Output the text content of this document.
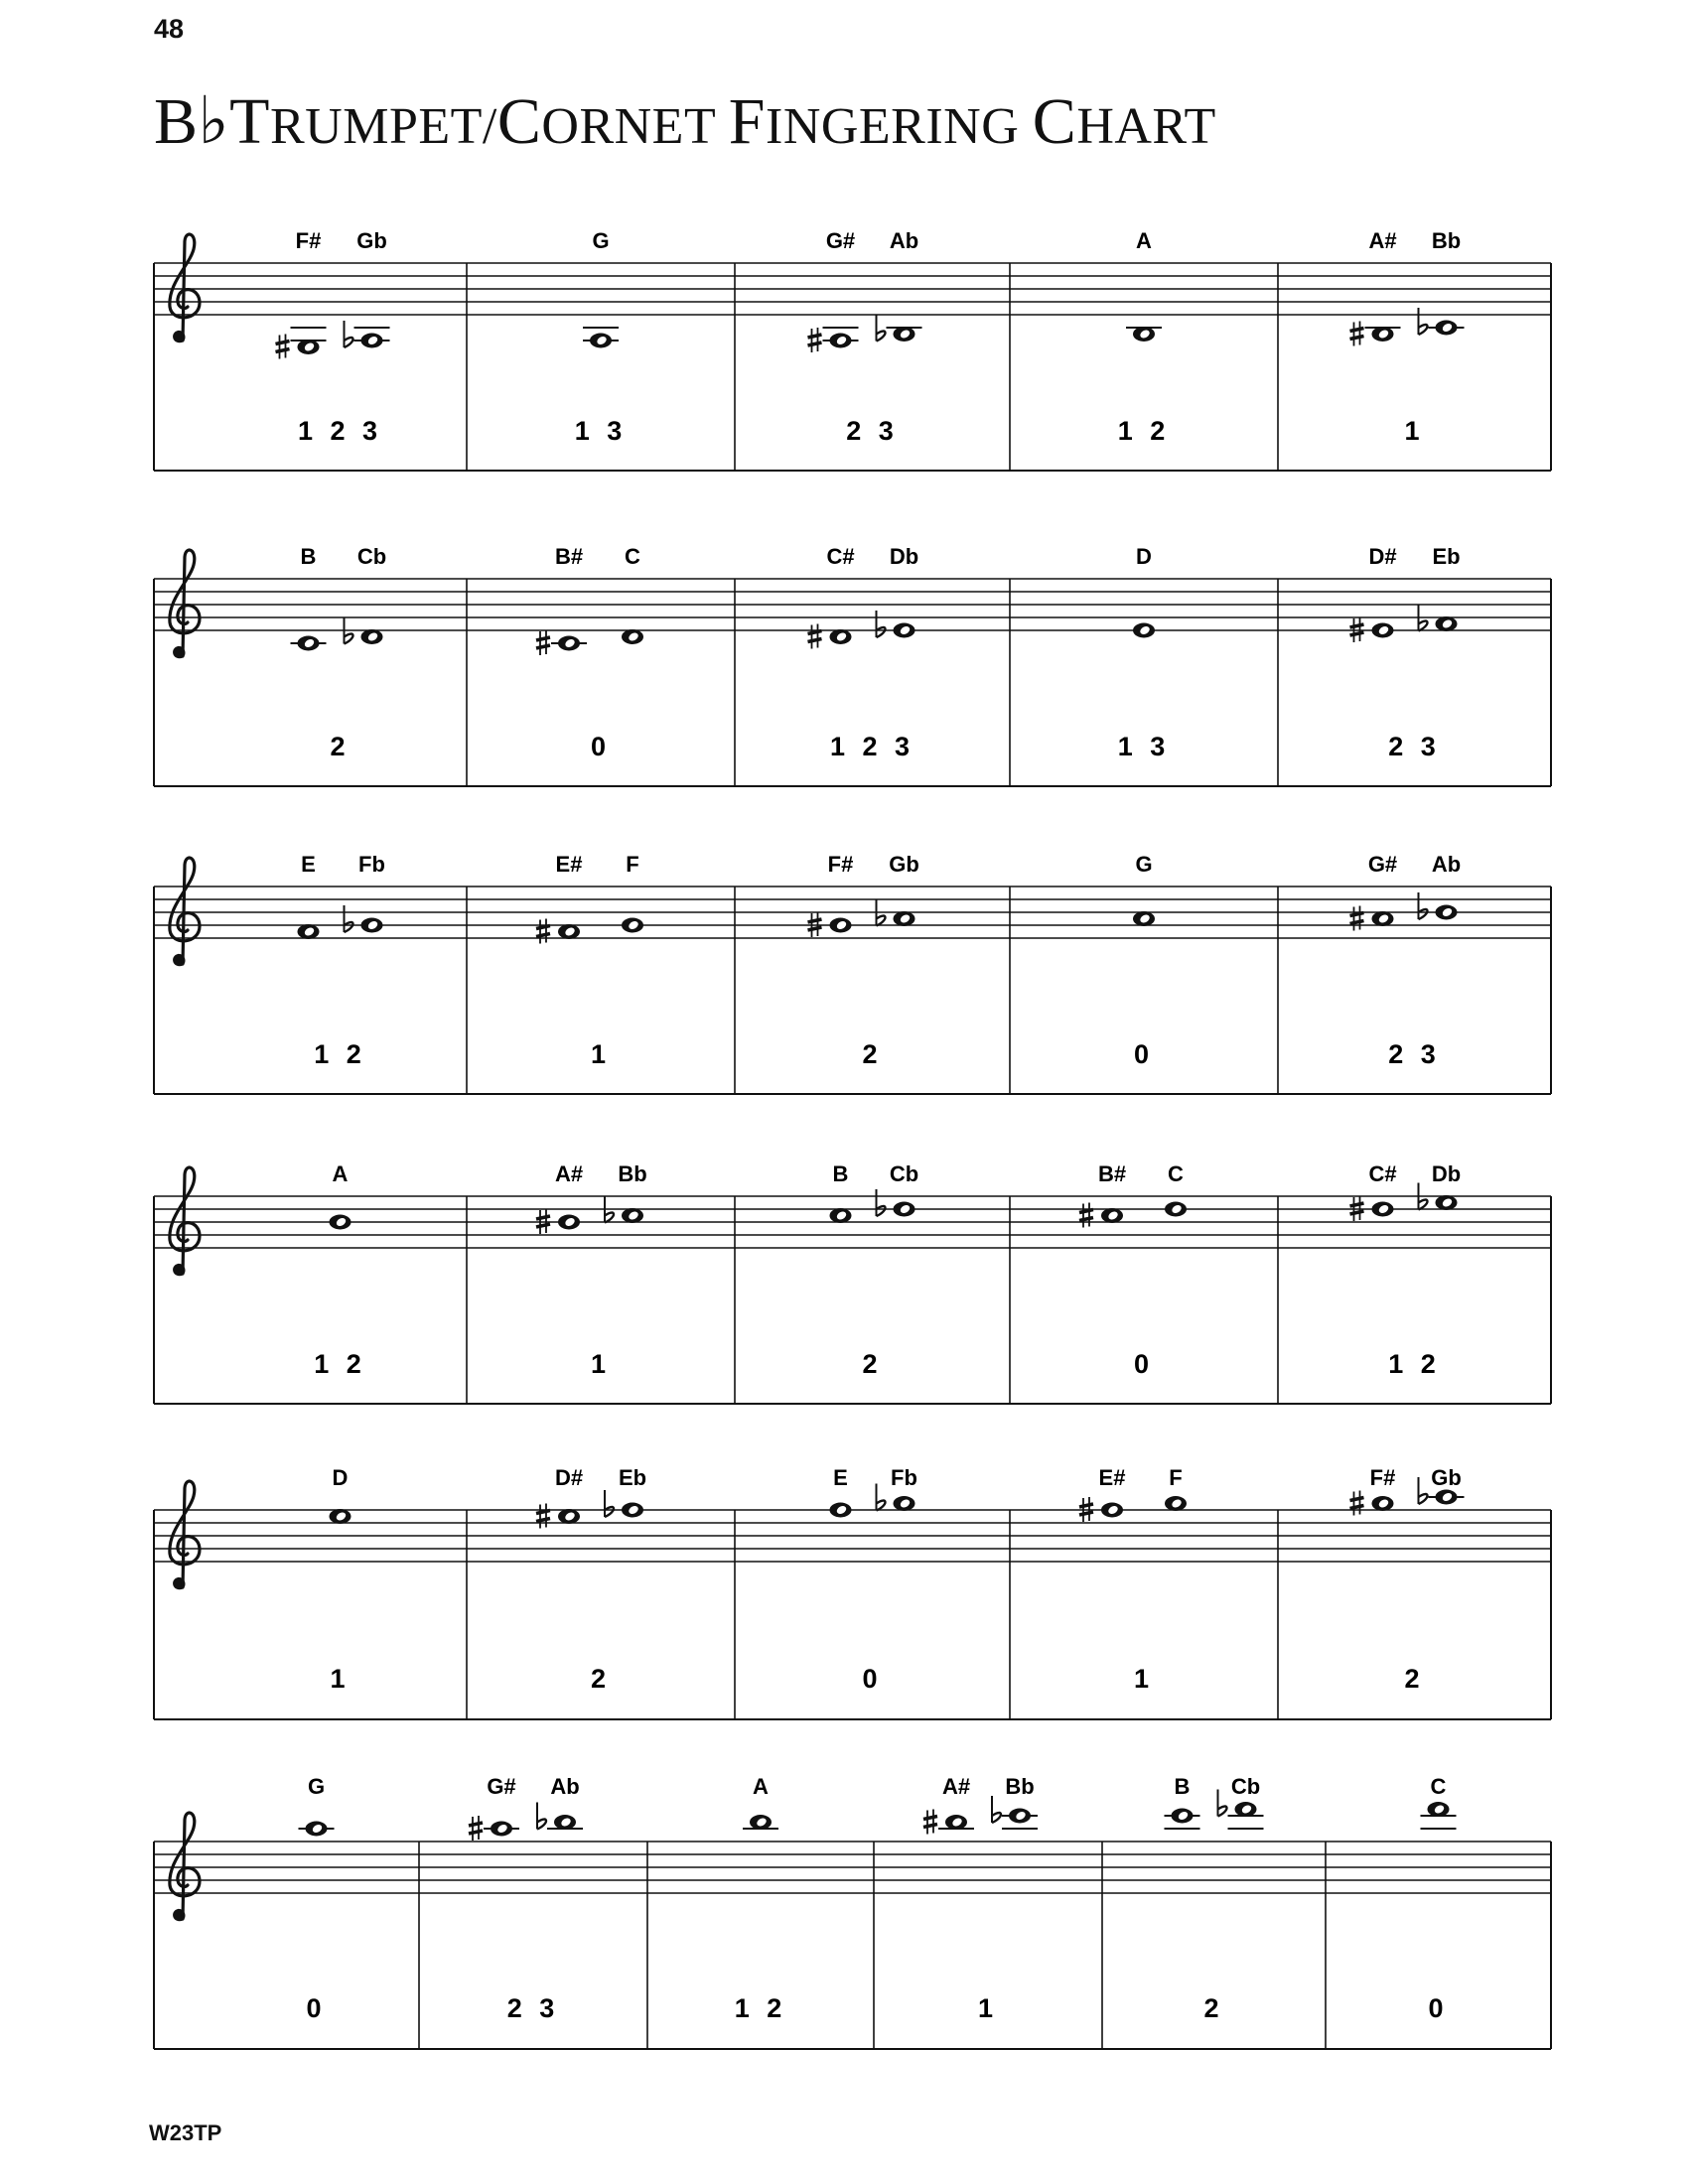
48
B♭TRUMPET/CORNET FINGERING CHART
F# Gb
1 2 3
G
1 3
G# Ab
2 3
A
1 2
A# Bb
1
B Cb
2
B# C
0
C# Db
1 2 3
D
1 3
D# Eb
2 3
E Fb
1 2
E# F
1
F# Gb
2
G
0
G# Ab
2 3
A
1 2
A# Bb
1
B Cb
2
B# C
0
C# Db
1 2
D
1
D# Eb
2
E Fb
0
E# F
1
F# Gb
2
G
0
G# Ab
2 3
A
1 2
A# Bb
1
B Cb
2
C
0
W23TP
